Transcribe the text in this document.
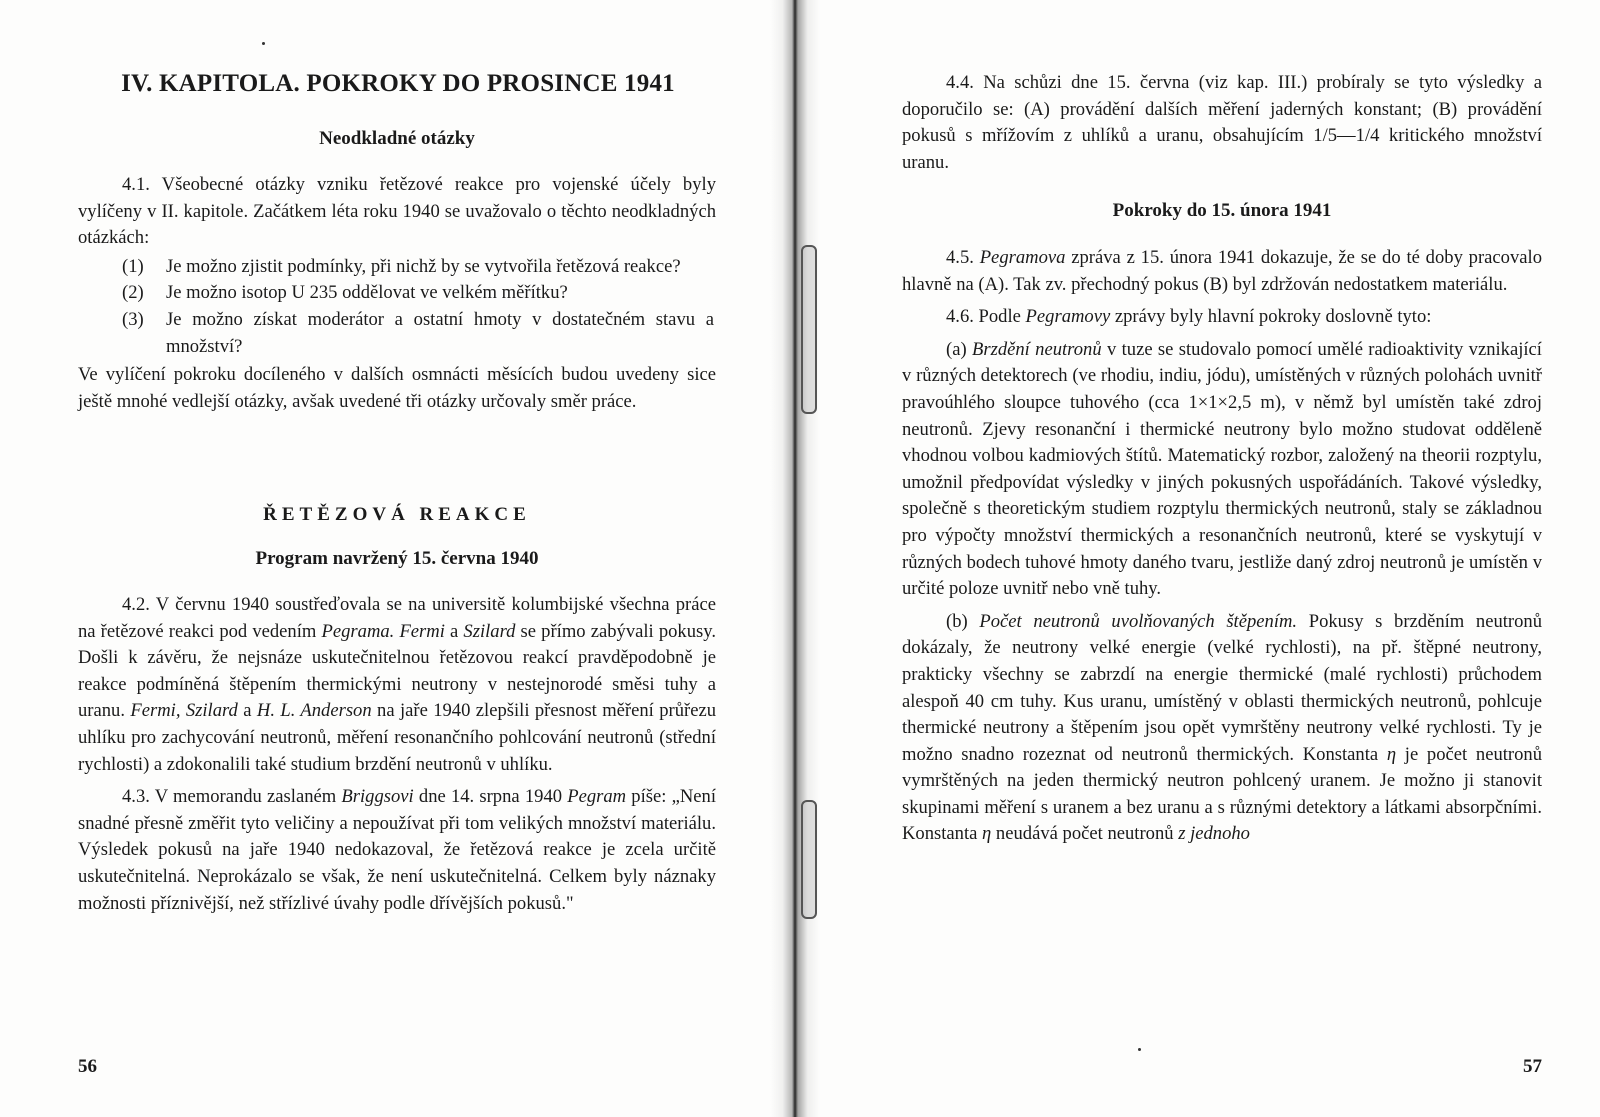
IV. KAPITOLA. POKROKY DO PROSINCE 1941
Neodkladné otázky

4.1. Všeobecné otázky vzniku řetězové reakce pro vojenské účely byly vylíčeny v II. kapitole. Začátkem léta roku 1940 se uvažovalo o těchto neodkladných otázkách:

(1) Je možno zjistit podmínky, při nichž by se vytvořila řetězová reakce?
(2) Je možno isotop U 235 oddělovat ve velkém měřítku?
(3) Je možno získat moderátor a ostatní hmoty v dostatečném stavu a množství?

Ve vylíčení pokroku docíleného v dalších osmnácti měsících budou uvedeny sice ještě mnohé vedlejší otázky, avšak uvedené tři otázky určovaly směr práce.

ŘETĚZOVÁ REAKCE
Program navržený 15. června 1940

4.2. V červnu 1940 soustřeďovala se na universitě kolumbijské všechna práce na řetězové reakci pod vedením Pegrama. Fermi a Szilard se přímo zabývali pokusy. Došli k závěru, že nejsnáze uskutečnitelnou řetězovou reakcí pravděpodobně je reakce podmíněná štěpením thermickými neutrony v nestejnorodé směsi tuhy a uranu. Fermi, Szilard a H. L. Anderson na jaře 1940 zlepšili přesnost měření průřezu uhlíku pro zachycování neutronů, měření resonančního pohlcování neutronů (střední rychlosti) a zdokonalili také studium brzdění neutronů v uhlíku.

4.3. V memorandu zaslaném Briggsovi dne 14. srpna 1940 Pegram píše: „Není snadné přesně změřit tyto veličiny a nepoužívat při tom velikých množství materiálu. Výsledek pokusů na jaře 1940 nedokazoval, že řetězová reakce je zcela určitě uskutečnitelná. Neprokázalo se však, že není uskutečnitelná. Celkem byly náznaky možnosti příznivější, než střízlivé úvahy podle dřívějších pokusů."

56

4.4. Na schůzi dne 15. června (viz kap. III.) probíraly se tyto výsledky a doporučilo se: (A) provádění dalších měření jaderných konstant; (B) provádění pokusů s mřížovím z uhlíků a uranu, obsahujícím 1/5—1/4 kritického množství uranu.

Pokroky do 15. února 1941

4.5. Pegramova zpráva z 15. února 1941 dokazuje, že se do té doby pracovalo hlavně na (A). Tak zv. přechodný pokus (B) byl zdržován nedostatkem materiálu.

4.6. Podle Pegramovy zprávy byly hlavní pokroky doslovně tyto:

(a) Brzdění neutronů v tuze se studovalo pomocí umělé radioaktivity vznikající v různých detektorech (ve rhodiu, indiu, jódu), umístěných v různých polohách uvnitř pravoúhlého sloupce tuhového (cca 1×1×2,5 m), v němž byl umístěn také zdroj neutronů. Zjevy resonanční i thermické neutrony bylo možno studovat odděleně vhodnou volbou kadmiových štítů. Matematický rozbor, založený na theorii rozptylu, umožnil předpovídat výsledky v jiných pokusných uspořádáních. Takové výsledky, společně s theoretickým studiem rozptylu thermických neutronů, staly se základnou pro výpočty množství thermických a resonančních neutronů, které se vyskytují v různých bodech tuhové hmoty daného tvaru, jestliže daný zdroj neutronů je umístěn v určité poloze uvnitř nebo vně tuhy.

(b) Počet neutronů uvolňovaných štěpením. Pokusy s brzděním neutronů dokázaly, že neutrony velké energie (velké rychlosti), na př. štěpné neutrony, prakticky všechny se zabrzdí na energie thermické (malé rychlosti) průchodem alespoň 40 cm tuhy. Kus uranu, umístěný v oblasti thermických neutronů, pohlcuje thermické neutrony a štěpením jsou opět vymrštěny neutrony velké rychlosti. Ty je možno snadno rozeznat od neutronů thermických. Konstanta η je počet neutronů vymrštěných na jeden thermický neutron pohlcený uranem. Je možno ji stanovit skupinami měření s uranem a bez uranu a s různými detektory a látkami absorpčními. Konstanta η neudává počet neutronů z jednoho

57
